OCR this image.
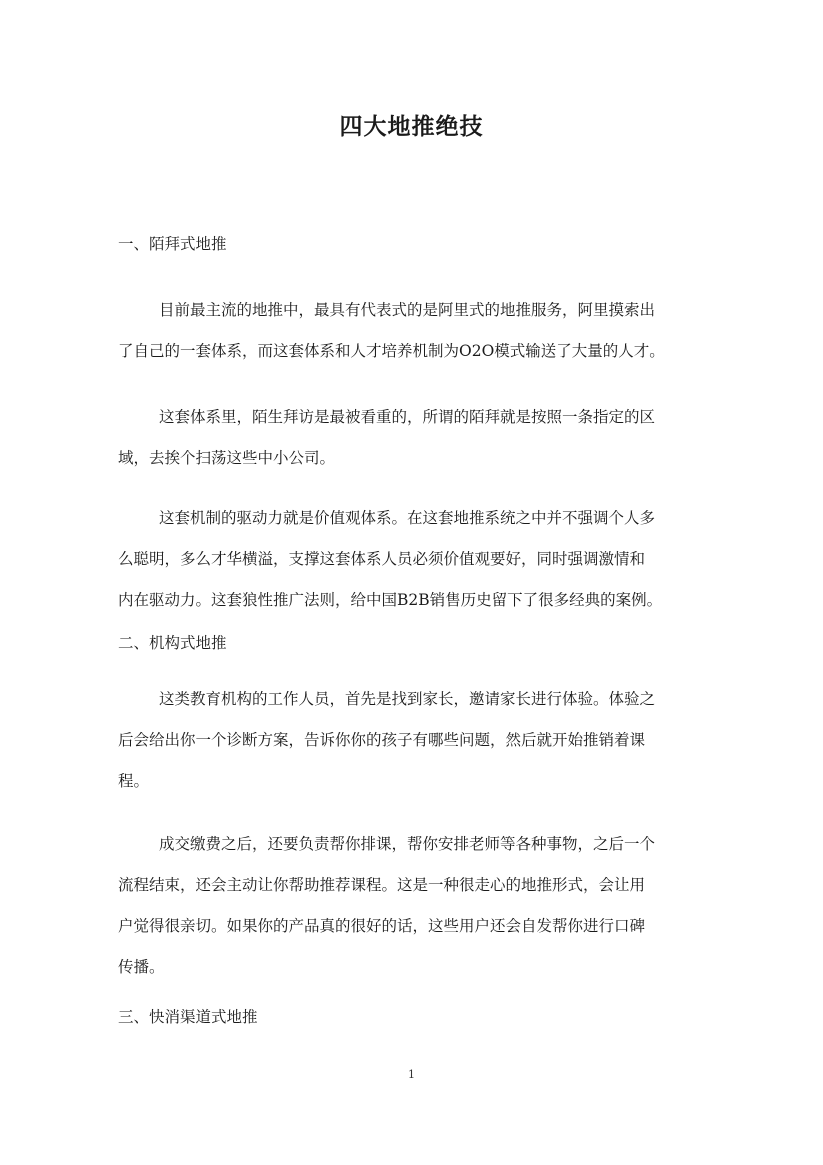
四大地推绝技
一、陌拜式地推
目前最主流的地推中，最具有代表式的是阿里式的地推服务，阿里摸索出
了自己的一套体系，而这套体系和人才培养机制为O2O模式输送了大量的人才。
这套体系里，陌生拜访是最被看重的，所谓的陌拜就是按照一条指定的区
域，去挨个扫荡这些中小公司。
这套机制的驱动力就是价值观体系。在这套地推系统之中并不强调个人多
么聪明，多么才华横溢，支撑这套体系人员必须价值观要好，同时强调激情和
内在驱动力。这套狼性推广法则，给中国B2B销售历史留下了很多经典的案例。
二、机构式地推
这类教育机构的工作人员，首先是找到家长，邀请家长进行体验。体验之
后会给出你一个诊断方案，告诉你你的孩子有哪些问题，然后就开始推销着课
程。
成交缴费之后，还要负责帮你排课，帮你安排老师等各种事物，之后一个
流程结束，还会主动让你帮助推荐课程。这是一种很走心的地推形式，会让用
户觉得很亲切。如果你的产品真的很好的话，这些用户还会自发帮你进行口碑
传播。
三、快消渠道式地推
1
